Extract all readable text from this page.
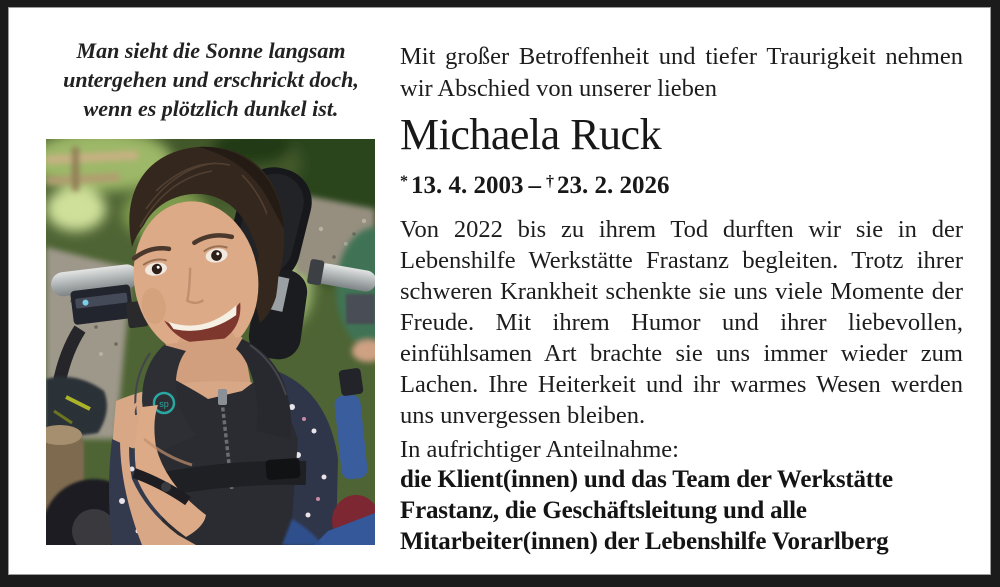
Man sieht die Sonne langsam
untergehen und erschrickt doch,
wenn es plötzlich dunkel ist.
sp
Mit großer Betroffenheit und tiefer Traurigkeit nehmen wir Abschied von unserer lieben
Michaela Ruck
* 13. 4. 2003 – † 23. 2. 2026
Von 2022 bis zu ihrem Tod durften wir sie in der Lebenshilfe Werkstätte Frastanz begleiten. Trotz ihrer schweren Krankheit schenkte sie uns viele Momente der Freude. Mit ihrem Humor und ihrer liebevollen, einfühlsamen Art brachte sie uns immer wieder zum Lachen. Ihre Heiterkeit und ihr warmes Wesen werden uns unvergessen bleiben.
In aufrichtiger Anteilnahme:
die Klient(innen) und das Team der Werkstätte
Frastanz, die Geschäftsleitung und alle
Mitarbeiter(innen) der Lebenshilfe Vorarlberg
